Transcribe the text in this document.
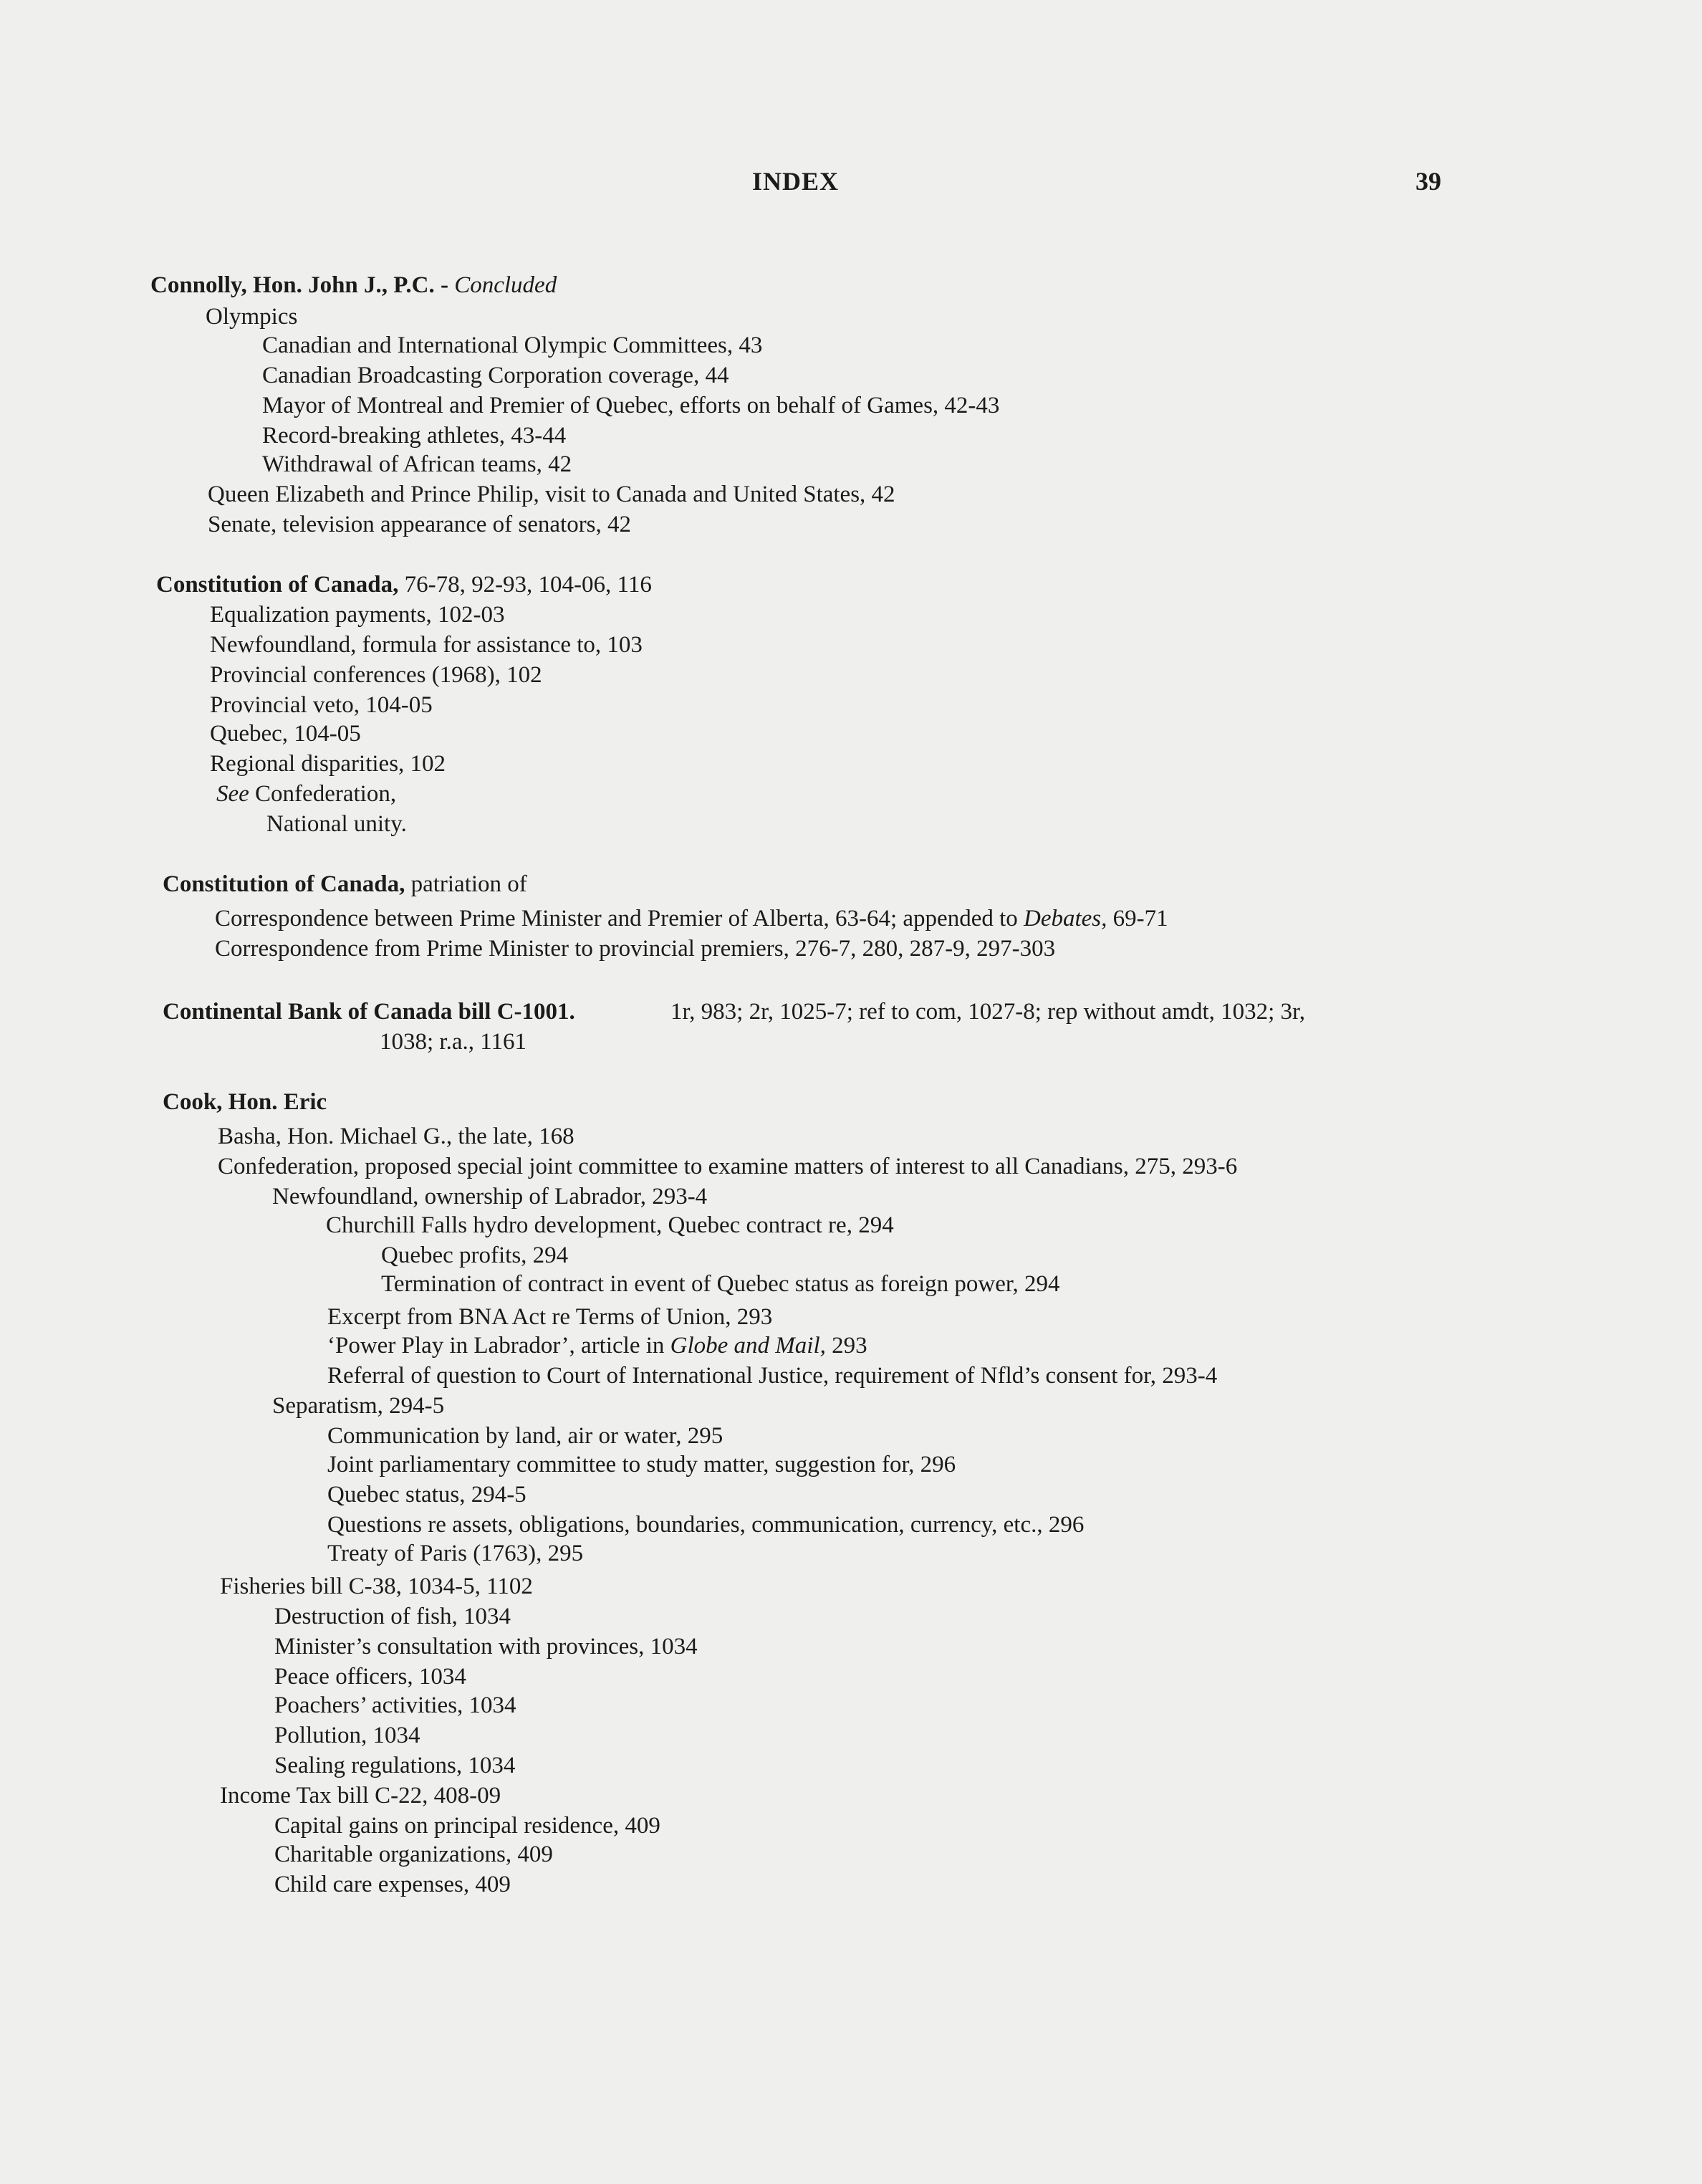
INDEX	39
Connolly, Hon. John J., P.C. - Concluded
Olympics
Canadian and International Olympic Committees, 43
Canadian Broadcasting Corporation coverage, 44
Mayor of Montreal and Premier of Quebec, efforts on behalf of Games, 42-43
Record-breaking athletes, 43-44
Withdrawal of African teams, 42
Queen Elizabeth and Prince Philip, visit to Canada and United States, 42
Senate, television appearance of senators, 42
Constitution of Canada, 76-78, 92-93, 104-06, 116
Equalization payments, 102-03
Newfoundland, formula for assistance to, 103
Provincial conferences (1968), 102
Provincial veto, 104-05
Quebec, 104-05
Regional disparities, 102
See Confederation,
National unity.
Constitution of Canada, patriation of
Correspondence between Prime Minister and Premier of Alberta, 63-64; appended to Debates, 69-71
Correspondence from Prime Minister to provincial premiers, 276-7, 280, 287-9, 297-303
Continental Bank of Canada bill C-1001.	1r, 983; 2r, 1025-7; ref to com, 1027-8; rep without amdt, 1032; 3r,
1038; r.a., 1161
Cook, Hon. Eric
Basha, Hon. Michael G., the late, 168
Confederation, proposed special joint committee to examine matters of interest to all Canadians, 275, 293-6
Newfoundland, ownership of Labrador, 293-4
Churchill Falls hydro development, Quebec contract re, 294
Quebec profits, 294
Termination of contract in event of Quebec status as foreign power, 294
Excerpt from BNA Act re Terms of Union, 293
‘Power Play in Labrador’, article in Globe and Mail, 293
Referral of question to Court of International Justice, requirement of Nfld’s consent for, 293-4
Separatism, 294-5
Communication by land, air or water, 295
Joint parliamentary committee to study matter, suggestion for, 296
Quebec status, 294-5
Questions re assets, obligations, boundaries, communication, currency, etc., 296
Treaty of Paris (1763), 295
Fisheries bill C-38, 1034-5, 1102
Destruction of fish, 1034
Minister’s consultation with provinces, 1034
Peace officers, 1034
Poachers’ activities, 1034
Pollution, 1034
Sealing regulations, 1034
Income Tax bill C-22, 408-09
Capital gains on principal residence, 409
Charitable organizations, 409
Child care expenses, 409
